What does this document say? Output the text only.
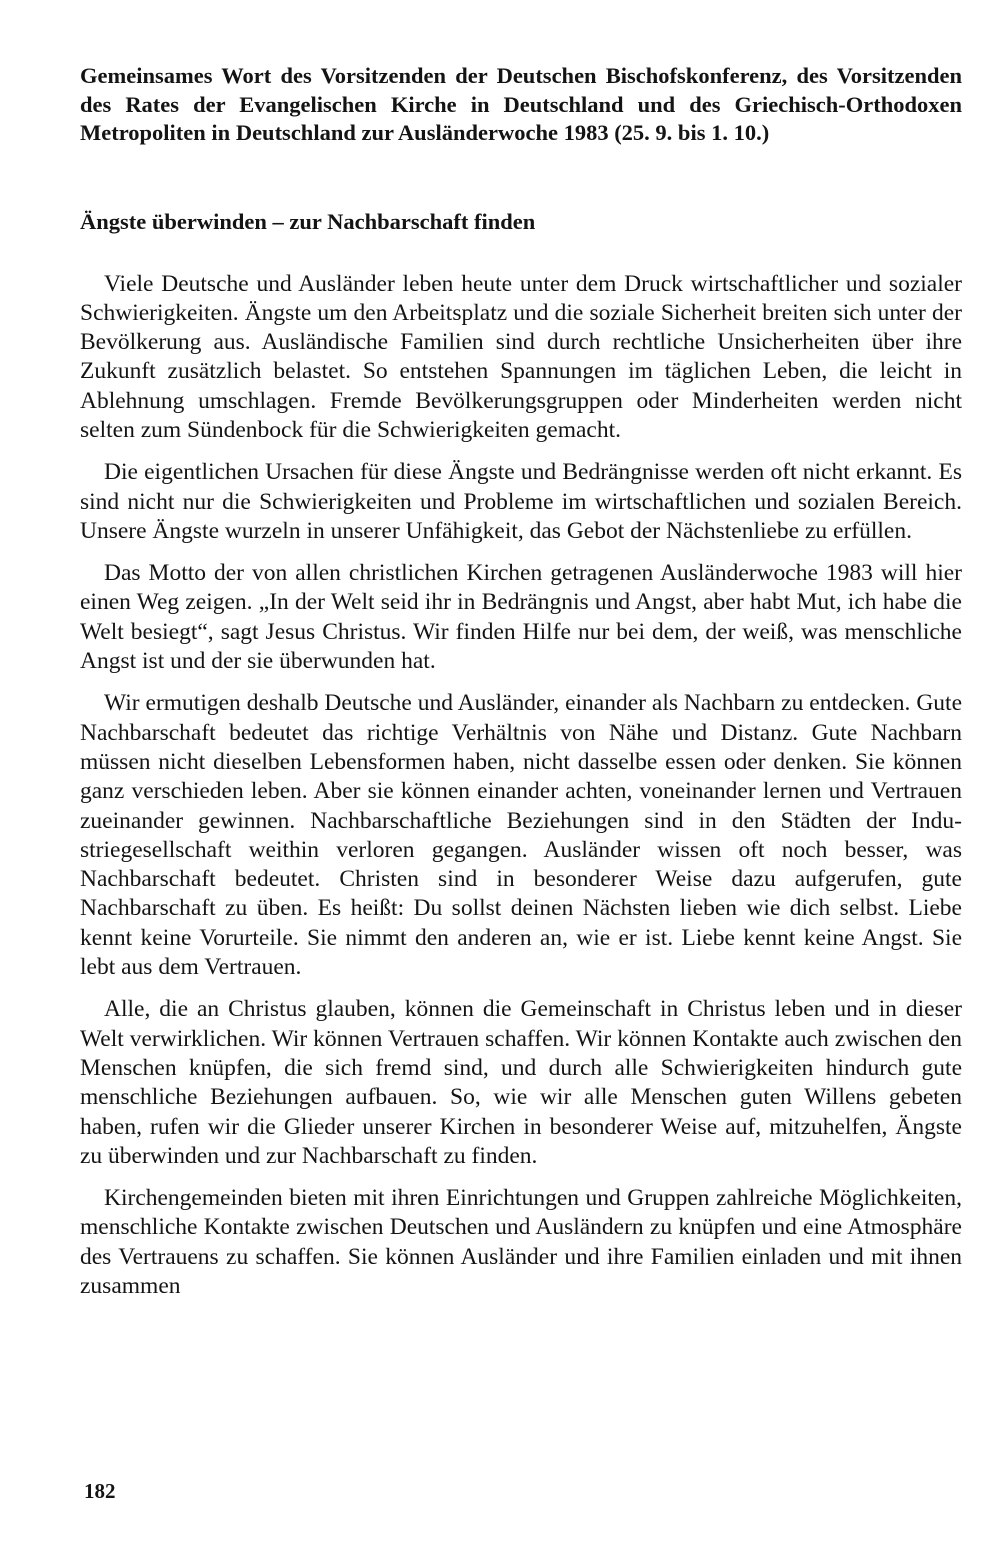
Gemeinsames Wort des Vorsitzenden der Deutschen Bischofskonferenz, des Vorsitzenden des Rates der Evangelischen Kirche in Deutschland und des Griechisch-Orthodoxen Metropoliten in Deutschland zur Ausländerwoche 1983 (25. 9. bis 1. 10.)

Ängste überwinden – zur Nachbarschaft finden

Viele Deutsche und Ausländer leben heute unter dem Druck wirtschaftlicher und sozialer Schwierigkeiten. Ängste um den Arbeitsplatz und die soziale Sicherheit breiten sich unter der Bevölkerung aus. Ausländische Familien sind durch rechtliche Unsicherheiten über ihre Zukunft zusätzlich belastet. So entstehen Spannungen im täglichen Leben, die leicht in Ablehnung umschlagen. Fremde Bevölkerungsgruppen oder Minderheiten werden nicht selten zum Sündenbock für die Schwierigkeiten gemacht.

Die eigentlichen Ursachen für diese Ängste und Bedrängnisse werden oft nicht erkannt. Es sind nicht nur die Schwierigkeiten und Probleme im wirtschaftlichen und sozialen Bereich. Unsere Ängste wurzeln in unserer Unfähigkeit, das Gebot der Nächstenliebe zu erfüllen.

Das Motto der von allen christlichen Kirchen getragenen Ausländerwoche 1983 will hier einen Weg zeigen. „In der Welt seid ihr in Bedrängnis und Angst, aber habt Mut, ich habe die Welt besiegt“, sagt Jesus Christus. Wir finden Hilfe nur bei dem, der weiß, was menschliche Angst ist und der sie überwunden hat.

Wir ermutigen deshalb Deutsche und Ausländer, einander als Nachbarn zu entdecken. Gute Nachbarschaft bedeutet das richtige Verhältnis von Nähe und Distanz. Gute Nachbarn müssen nicht dieselben Lebensformen haben, nicht dasselbe essen oder denken. Sie können ganz verschieden leben. Aber sie können einander achten, voneinander lernen und Vertrauen zueinander gewinnen. Nachbarschaftliche Beziehungen sind in den Städten der Industriegesellschaft weithin verloren gegangen. Ausländer wissen oft noch besser, was Nachbarschaft bedeutet. Christen sind in besonderer Weise dazu aufgerufen, gute Nachbarschaft zu üben. Es heißt: Du sollst deinen Nächsten lieben wie dich selbst. Liebe kennt keine Vorurteile. Sie nimmt den anderen an, wie er ist. Liebe kennt keine Angst. Sie lebt aus dem Vertrauen.

Alle, die an Christus glauben, können die Gemeinschaft in Christus leben und in dieser Welt verwirklichen. Wir können Vertrauen schaffen. Wir können Kontakte auch zwischen den Menschen knüpfen, die sich fremd sind, und durch alle Schwierigkeiten hindurch gute menschliche Beziehungen aufbauen. So, wie wir alle Menschen guten Willens gebeten haben, rufen wir die Glieder unserer Kirchen in besonderer Weise auf, mitzuhelfen, Ängste zu überwinden und zur Nachbarschaft zu finden.

Kirchengemeinden bieten mit ihren Einrichtungen und Gruppen zahlreiche Möglichkeiten, menschliche Kontakte zwischen Deutschen und Ausländern zu knüpfen und eine Atmosphäre des Vertrauens zu schaffen. Sie können Ausländer und ihre Familien einladen und mit ihnen zusammen

182
